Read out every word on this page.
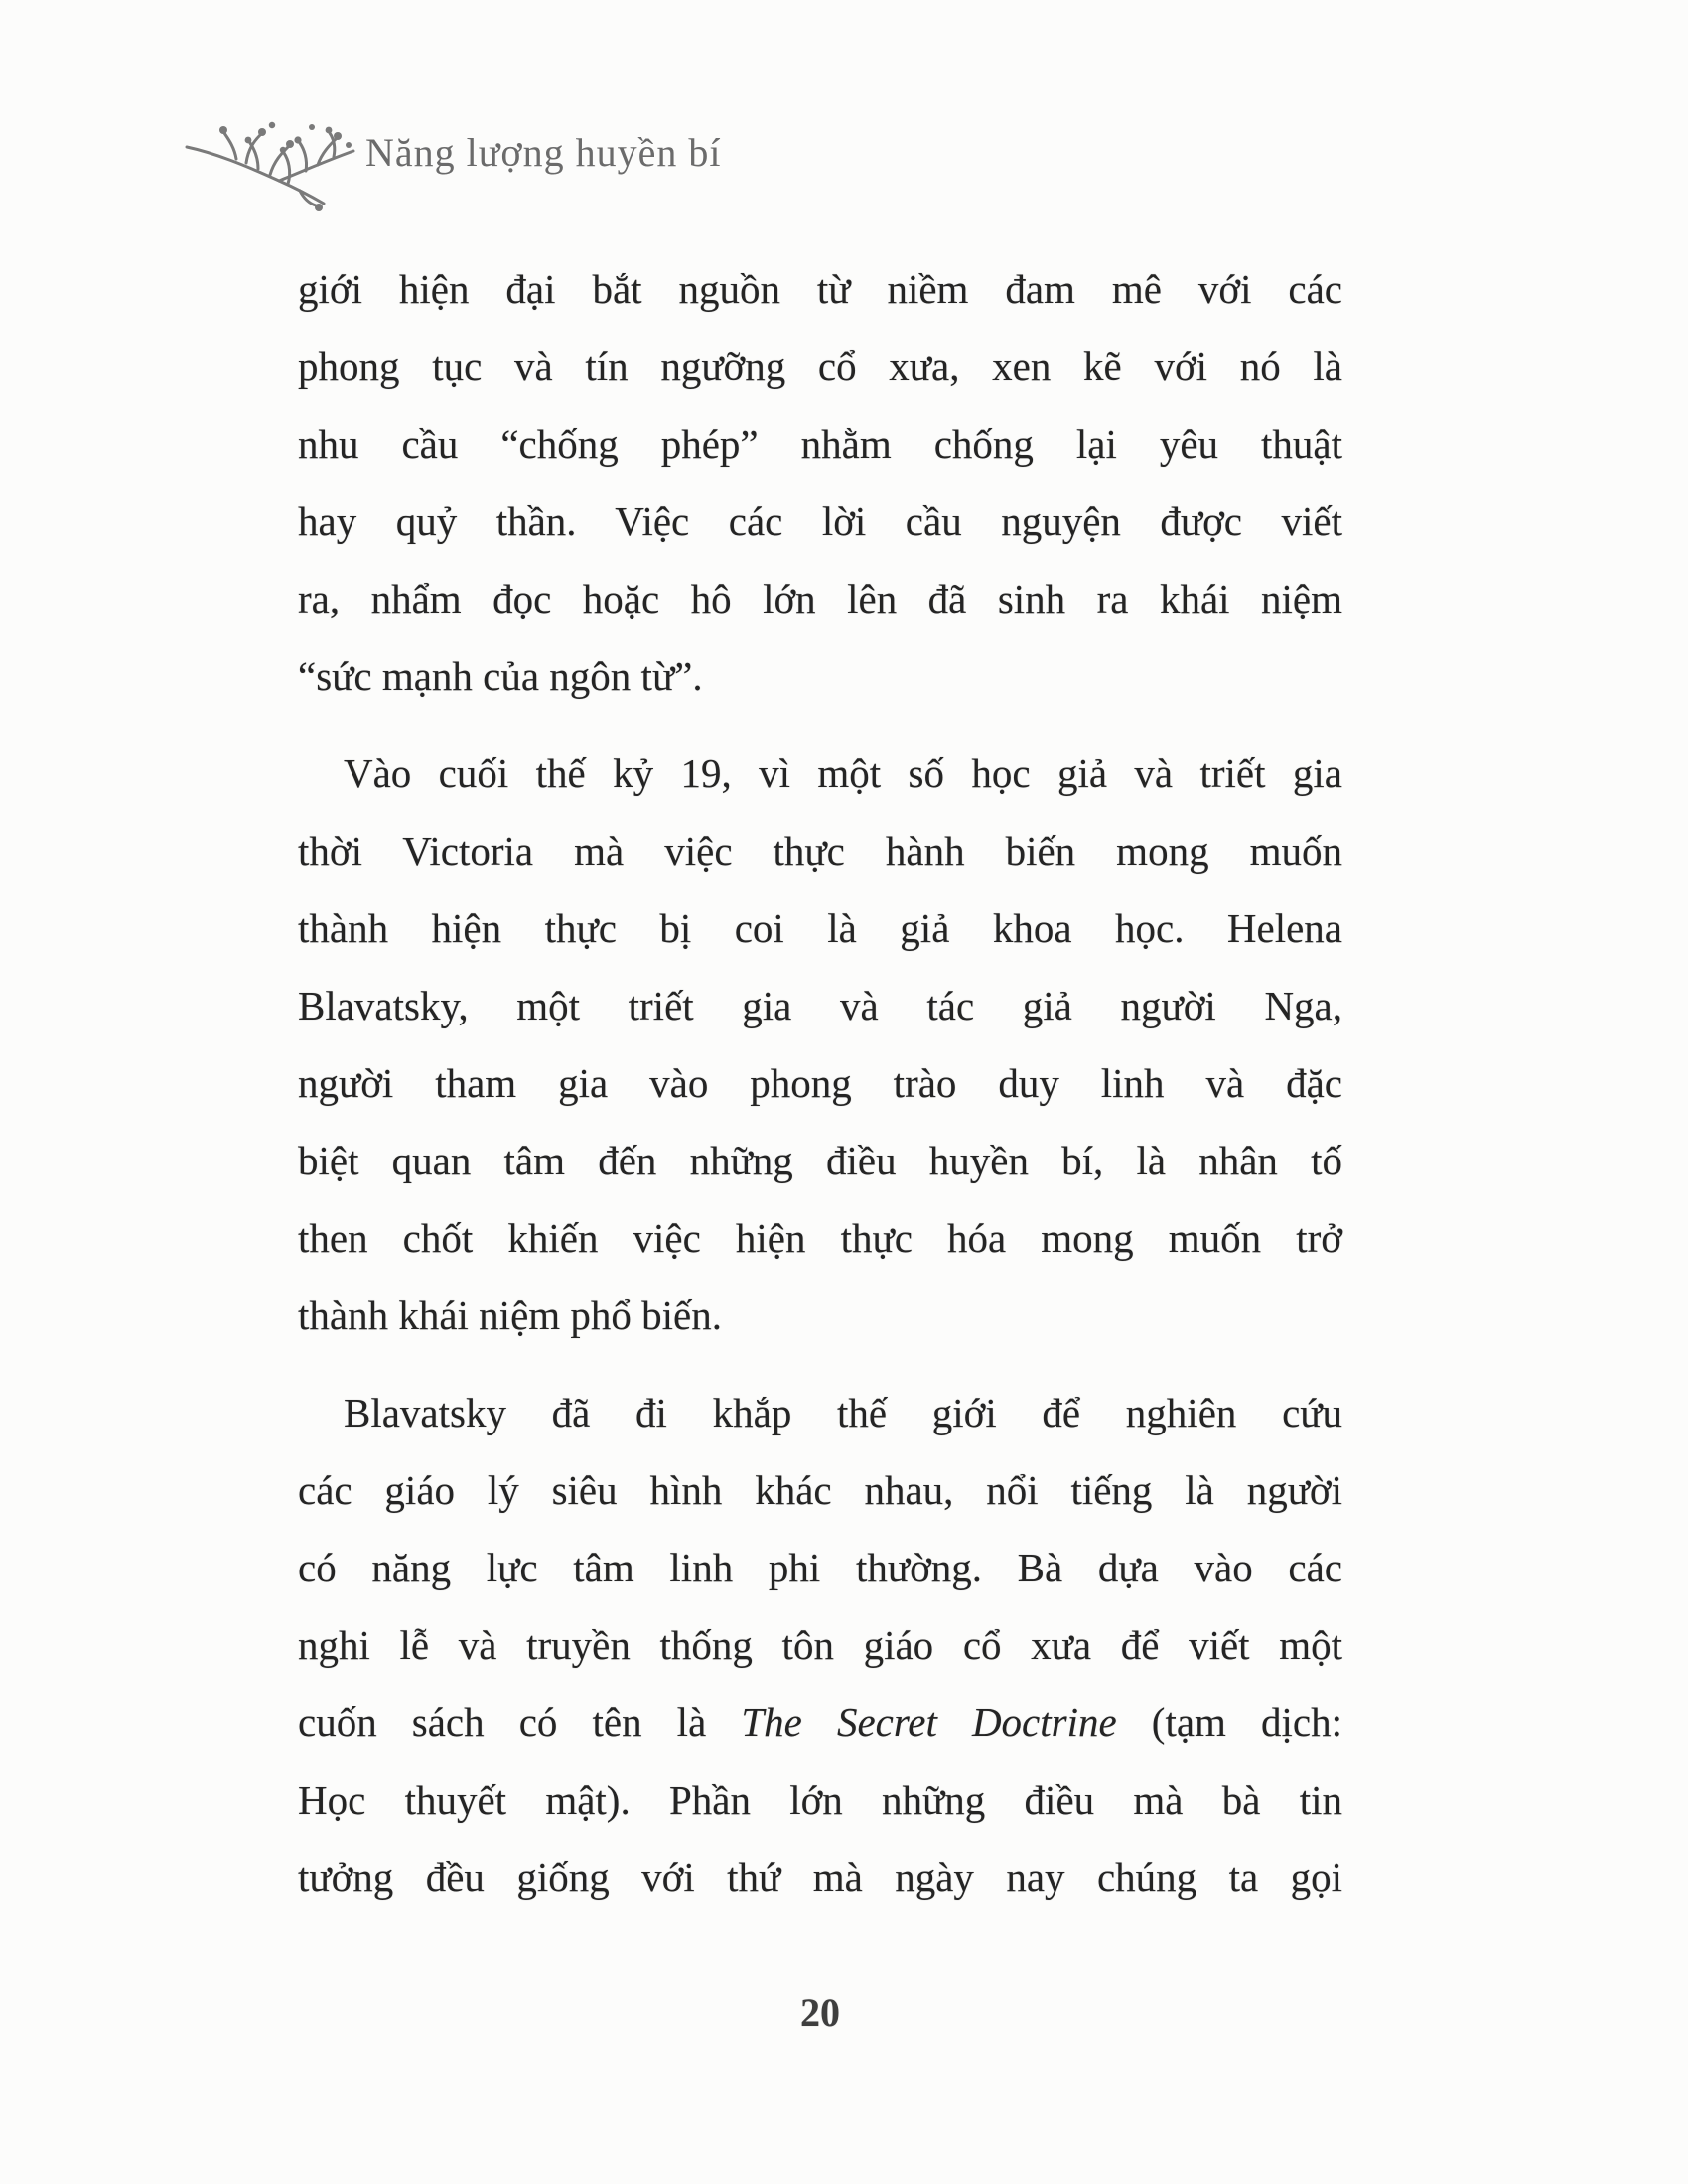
Năng lượng huyền bí
giới hiện đại bắt nguồn từ niềm đam mê với các
phong tục và tín ngưỡng cổ xưa, xen kẽ với nó là
nhu cầu “chống phép” nhằm chống lại yêu thuật
hay quỷ thần. Việc các lời cầu nguyện được viết
ra, nhẩm đọc hoặc hô lớn lên đã sinh ra khái niệm
“sức mạnh của ngôn từ”.
Vào cuối thế kỷ 19, vì một số học giả và triết gia
thời Victoria mà việc thực hành biến mong muốn
thành hiện thực bị coi là giả khoa học. Helena
Blavatsky, một triết gia và tác giả người Nga,
người tham gia vào phong trào duy linh và đặc
biệt quan tâm đến những điều huyền bí, là nhân tố
then chốt khiến việc hiện thực hóa mong muốn trở
thành khái niệm phổ biến.
Blavatsky đã đi khắp thế giới để nghiên cứu
các giáo lý siêu hình khác nhau, nổi tiếng là người
có năng lực tâm linh phi thường. Bà dựa vào các
nghi lễ và truyền thống tôn giáo cổ xưa để viết một
cuốn sách có tên là The Secret Doctrine (tạm dịch:
Học thuyết mật). Phần lớn những điều mà bà tin
tưởng đều giống với thứ mà ngày nay chúng ta gọi
20
